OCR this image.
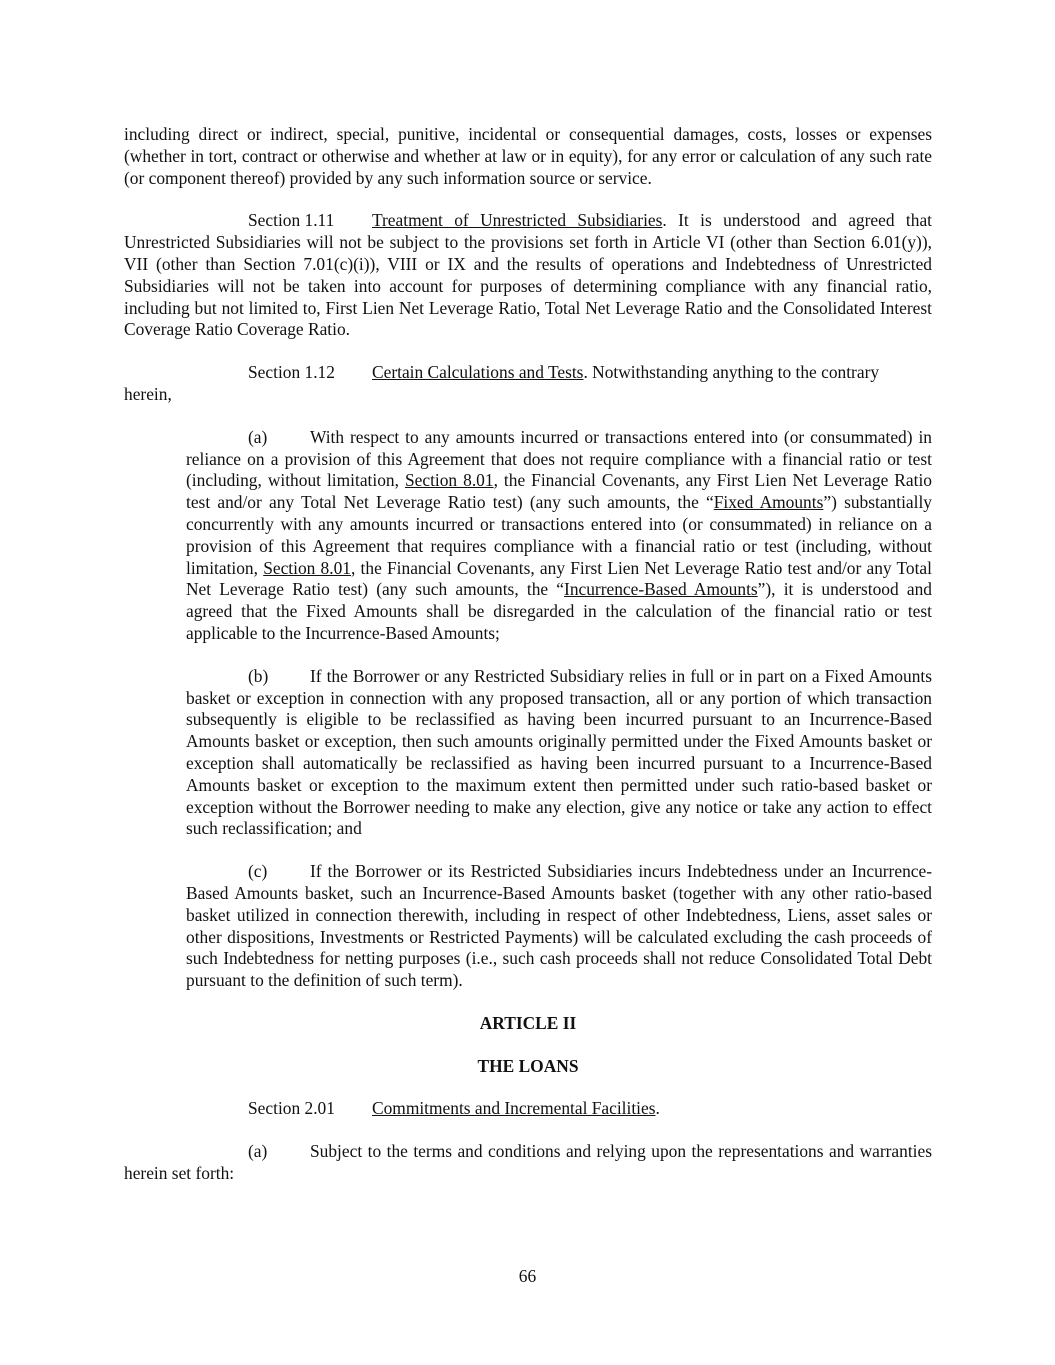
including direct or indirect, special, punitive, incidental or consequential damages, costs, losses or expenses (whether in tort, contract or otherwise and whether at law or in equity), for any error or calculation of any such rate (or component thereof) provided by any such information source or service.

Section 1.11 Treatment of Unrestricted Subsidiaries. It is understood and agreed that Unrestricted Subsidiaries will not be subject to the provisions set forth in Article VI (other than Section 6.01(y)), VII (other than Section 7.01(c)(i)), VIII or IX and the results of operations and Indebtedness of Unrestricted Subsidiaries will not be taken into account for purposes of determining compliance with any financial ratio, including but not limited to, First Lien Net Leverage Ratio, Total Net Leverage Ratio and the Consolidated Interest Coverage Ratio Coverage Ratio.

Section 1.12 Certain Calculations and Tests. Notwithstanding anything to the contrary

herein,

(a) With respect to any amounts incurred or transactions entered into (or consummated) in reliance on a provision of this Agreement that does not require compliance with a financial ratio or test (including, without limitation, Section 8.01, the Financial Covenants, any First Lien Net Leverage Ratio test and/or any Total Net Leverage Ratio test) (any such amounts, the “Fixed Amounts”) substantially concurrently with any amounts incurred or transactions entered into (or consummated) in reliance on a provision of this Agreement that requires compliance with a financial ratio or test (including, without limitation, Section 8.01, the Financial Covenants, any First Lien Net Leverage Ratio test and/or any Total Net Leverage Ratio test) (any such amounts, the “Incurrence-Based Amounts”), it is understood and agreed that the Fixed Amounts shall be disregarded in the calculation of the financial ratio or test applicable to the Incurrence-Based Amounts;

(b) If the Borrower or any Restricted Subsidiary relies in full or in part on a Fixed Amounts basket or exception in connection with any proposed transaction, all or any portion of which transaction subsequently is eligible to be reclassified as having been incurred pursuant to an Incurrence-Based Amounts basket or exception, then such amounts originally permitted under the Fixed Amounts basket or exception shall automatically be reclassified as having been incurred pursuant to a Incurrence-Based Amounts basket or exception to the maximum extent then permitted under such ratio-based basket or exception without the Borrower needing to make any election, give any notice or take any action to effect such reclassification; and

(c) If the Borrower or its Restricted Subsidiaries incurs Indebtedness under an Incurrence-Based Amounts basket, such an Incurrence-Based Amounts basket (together with any other ratio-based basket utilized in connection therewith, including in respect of other Indebtedness, Liens, asset sales or other dispositions, Investments or Restricted Payments) will be calculated excluding the cash proceeds of such Indebtedness for netting purposes (i.e., such cash proceeds shall not reduce Consolidated Total Debt pursuant to the definition of such term).

ARTICLE II

THE LOANS

Section 2.01 Commitments and Incremental Facilities.

(a) Subject to the terms and conditions and relying upon the representations and warranties herein set forth:

66
